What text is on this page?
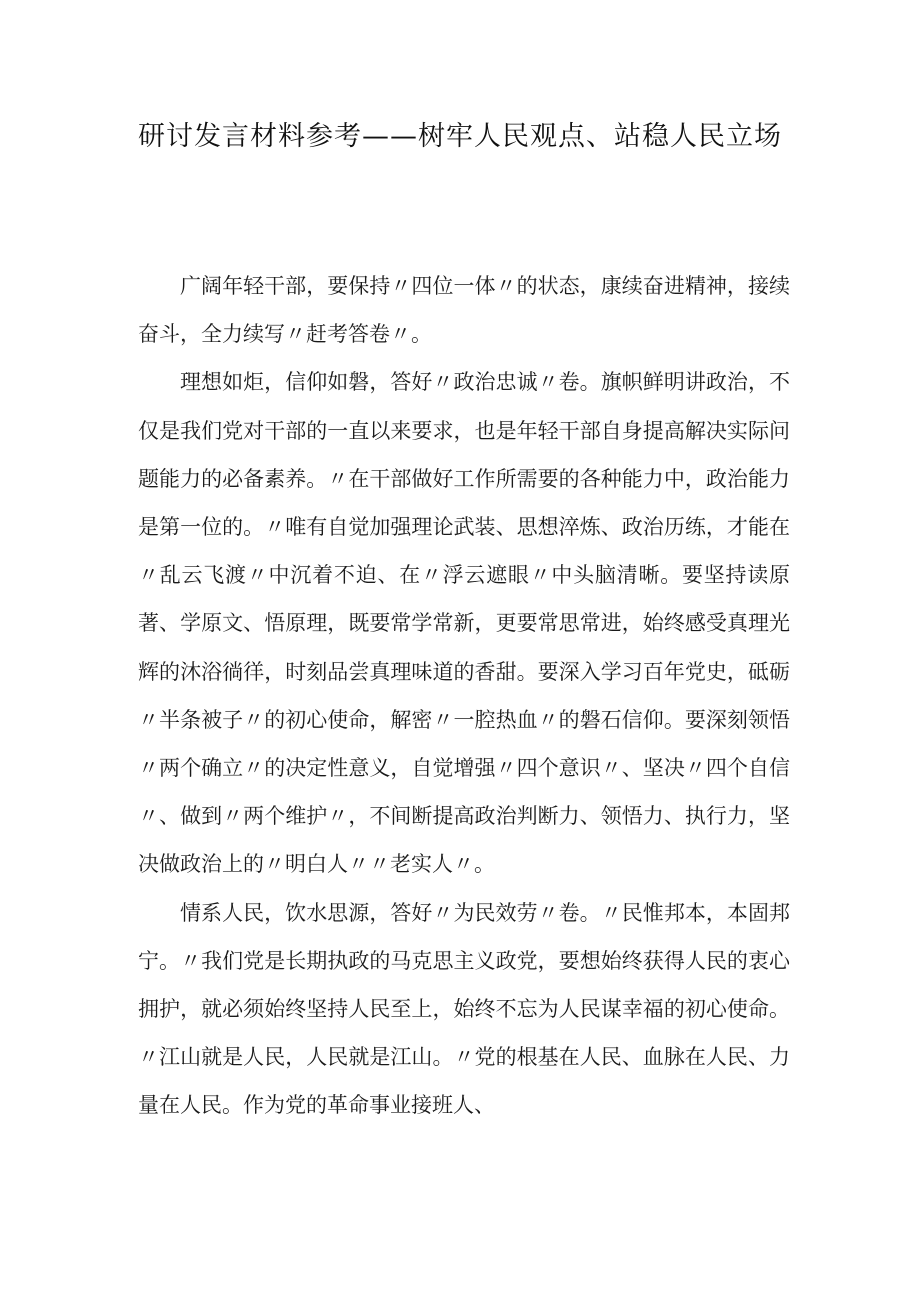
研讨发言材料参考——树牢人民观点、站稳人民立场

广阔年轻干部，要保持〃四位一体〃的状态，康续奋进精神，接续奋斗，全力续写〃赶考答卷〃。

理想如炬，信仰如磐，答好〃政治忠诚〃卷。旗帜鲜明讲政治，不仅是我们党对干部的一直以来要求，也是年轻干部自身提高解决实际问题能力的必备素养。〃在干部做好工作所需要的各种能力中，政治能力是第一位的。〃唯有自觉加强理论武装、思想淬炼、政治历练，才能在〃乱云飞渡〃中沉着不迫、在〃浮云遮眼〃中头脑清晰。要坚持读原著、学原文、悟原理，既要常学常新，更要常思常进，始终感受真理光辉的沐浴徜徉，时刻品尝真理味道的香甜。要深入学习百年党史，砥砺〃半条被子〃的初心使命，解密〃一腔热血〃的磐石信仰。要深刻领悟〃两个确立〃的决定性意义，自觉增强〃四个意识〃、坚决〃四个自信〃、做到〃两个维护〃，不间断提高政治判断力、领悟力、执行力，坚决做政治上的〃明白人〃〃老实人〃。

情系人民，饮水思源，答好〃为民效劳〃卷。〃民惟邦本，本固邦宁。〃我们党是长期执政的马克思主义政党，要想始终获得人民的衷心拥护，就必须始终坚持人民至上，始终不忘为人民谋幸福的初心使命。〃江山就是人民，人民就是江山。〃党的根基在人民、血脉在人民、力量在人民。作为党的革命事业接班人、
